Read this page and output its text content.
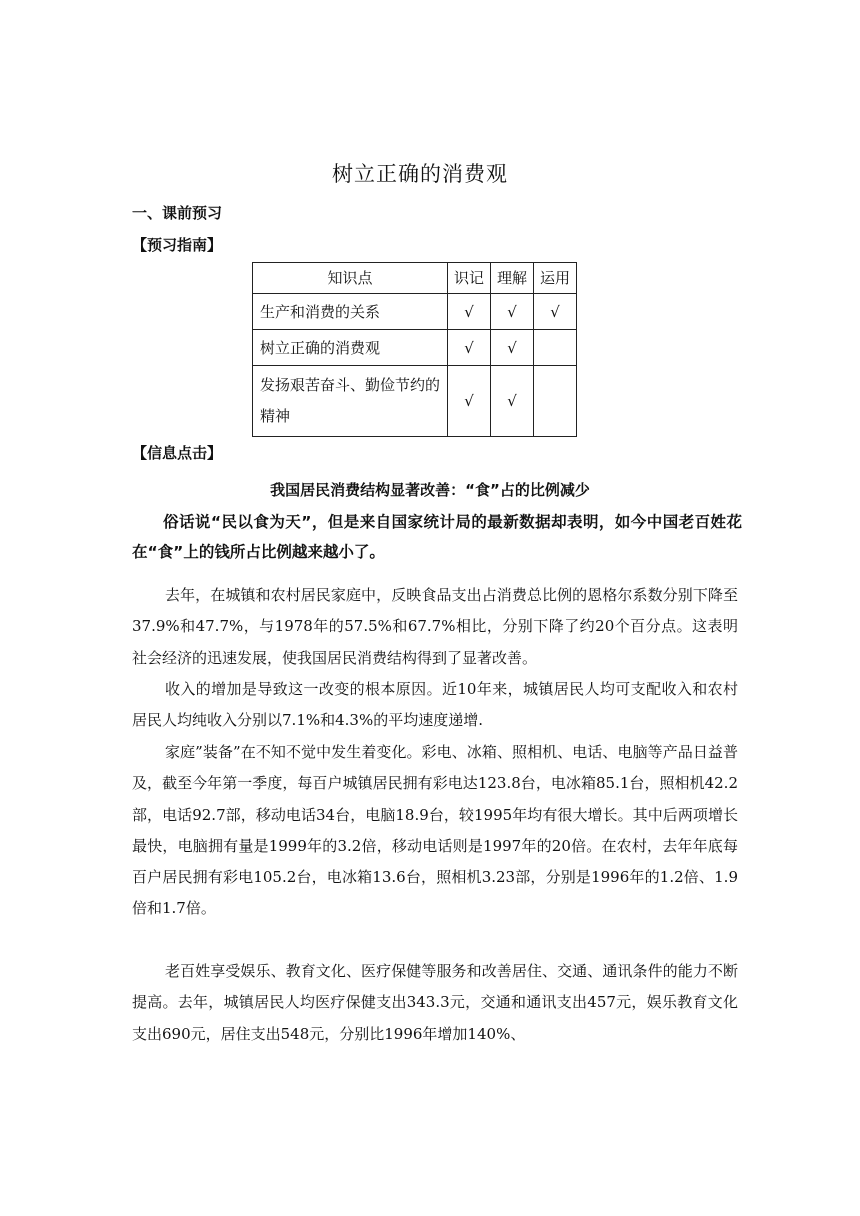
树立正确的消费观
一、课前预习
【预习指南】
知识点	识记	理解	运用
生产和消费的关系	√	√	√
树立正确的消费观	√	√	
发扬艰苦奋斗、勤俭节约的精神	√	√	
【信息点击】
我国居民消费结构显著改善：“食”占的比例减少
俗话说“民以食为天”，但是来自国家统计局的最新数据却表明，如今中国老百姓花在“食”上的钱所占比例越来越小了。

去年，在城镇和农村居民家庭中，反映食品支出占消费总比例的恩格尔系数分别下降至37.9%和47.7%，与1978年的57.5%和67.7%相比，分别下降了约20个百分点。这表明社会经济的迅速发展，使我国居民消费结构得到了显著改善。

收入的增加是导致这一改变的根本原因。近10年来，城镇居民人均可支配收入和农村居民人均纯收入分别以7.1%和4.3%的平均速度递增.

家庭”装备”在不知不觉中发生着变化。彩电、冰箱、照相机、电话、电脑等产品日益普及，截至今年第一季度，每百户城镇居民拥有彩电达123.8台，电冰箱85.1台，照相机42.2部，电话92.7部，移动电话34台，电脑18.9台，较1995年均有很大增长。其中后两项增长最快，电脑拥有量是1999年的3.2倍，移动电话则是1997年的20倍。在农村，去年年底每百户居民拥有彩电105.2台，电冰箱13.6台，照相机3.23部，分别是1996年的1.2倍、1.9倍和1.7倍。

老百姓享受娱乐、教育文化、医疗保健等服务和改善居住、交通、通讯条件的能力不断提高。去年，城镇居民人均医疗保健支出343.3元，交通和通讯支出457元，娱乐教育文化支出690元，居住支出548元，分别比1996年增加140%、
